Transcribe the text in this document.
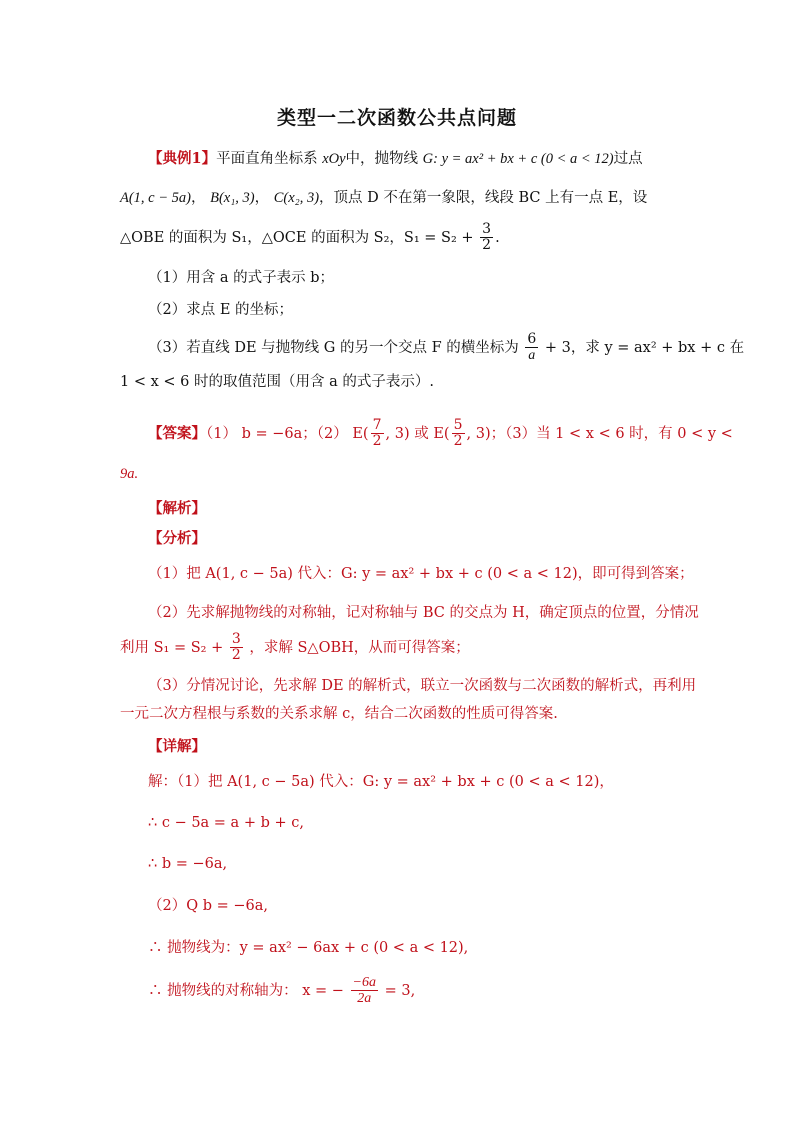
类型一二次函数公共点问题
【典例1】平面直角坐标系 xOy中，抛物线 G: y = ax² + bx + c (0 < a < 12)过点
A(1, c − 5a)， B(x₁, 3)， C(x₂, 3)，顶点 D 不在第一象限，线段 BC 上有一点 E，设
△OBE 的面积为 S₁，△OCE 的面积为 S₂，$S_1 = S_2 + \frac{3}{2}$ .
（1）用含 a 的式子表示 b；
（2）求点 E 的坐标；
（3）若直线 DE 与抛物线 G 的另一个交点 F 的横坐标为 $\frac{6}{a} + 3$，求 y = ax² + bx + c 在
1 < x < 6 时的取值范围（用含 a 的式子表示）.
【答案】（1） b = −6a；（2） $E( \frac{7}{2}$ , 3) 或 $E( \frac{5}{2}$ , 3)；（3）当 1 < x < 6 时，有 0 < y <
9a.
【解析】
【分析】
（1）把 A(1, c − 5a) 代入：G: y = ax² + bx + c (0 < a < 12)，即可得到答案；
（2）先求解抛物线的对称轴，记对称轴与 BC 的交点为 H，确定顶点的位置，分情况
利用 $S_1 = S_2 + \frac{3}{2}$ ，求解 S△OBH，从而可得答案；
（3）分情况讨论，先求解 DE 的解析式，联立一次函数与二次函数的解析式，再利用
一元二次方程根与系数的关系求解 c，结合二次函数的性质可得答案.
【详解】
解：（1）把 A(1, c − 5a) 代入：G: y = ax² + bx + c (0 < a < 12)，
∴ c − 5a = a + b + c,
∴ b = −6a,
（2）Q b = −6a,
∴ 抛物线为：y = ax² − 6ax + c (0 < a < 12),
∴ 抛物线的对称轴为： x = − $\frac{-6a}{2a} = 3$,
